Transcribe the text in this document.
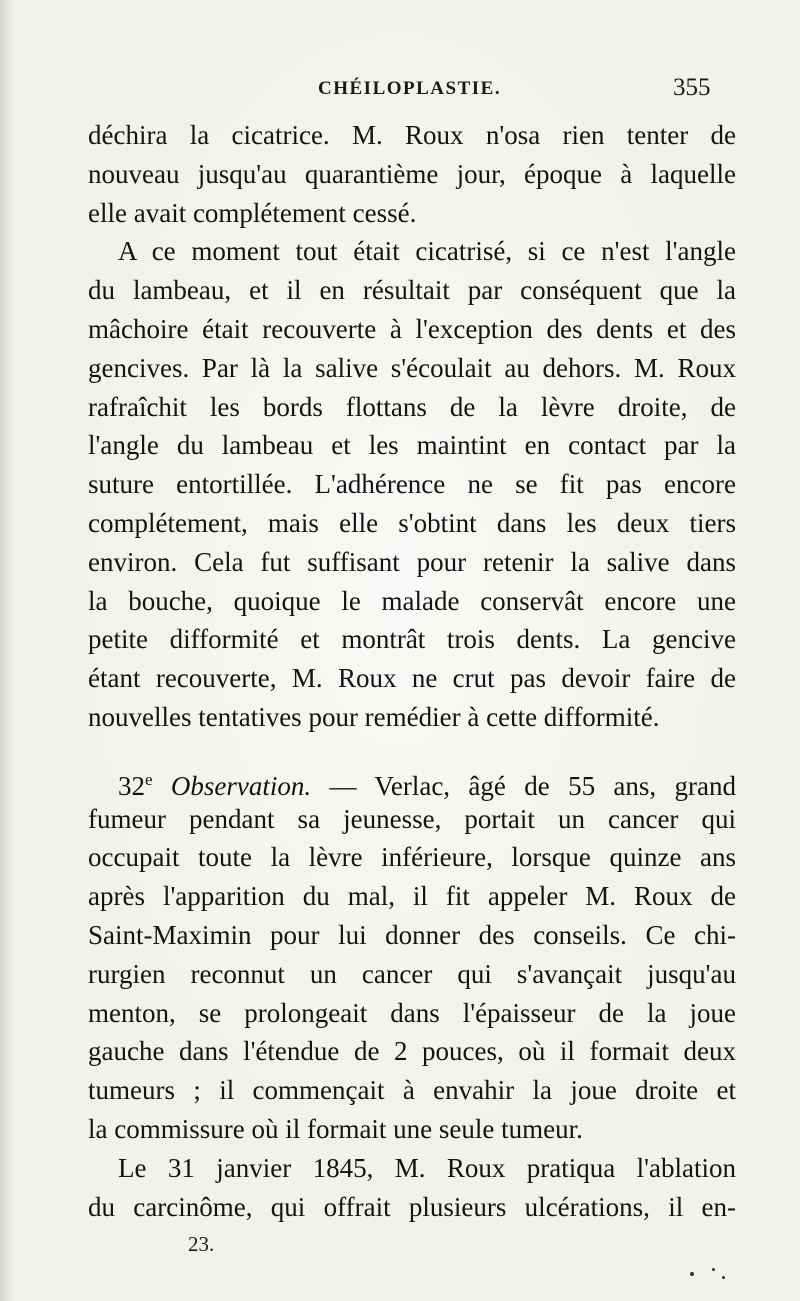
CHÉILOPLASTIE.	355
déchira la cicatrice. M. Roux n'osa rien tenter de
nouveau jusqu'au quarantième jour, époque à laquelle
elle avait complétement cessé.
A ce moment tout était cicatrisé, si ce n'est l'angle
du lambeau, et il en résultait par conséquent que la
mâchoire était recouverte à l'exception des dents et des
gencives. Par là la salive s'écoulait au dehors. M. Roux
rafraîchit les bords flottans de la lèvre droite, de
l'angle du lambeau et les maintint en contact par la
suture entortillée. L'adhérence ne se fit pas encore
complétement, mais elle s'obtint dans les deux tiers
environ. Cela fut suffisant pour retenir la salive dans
la bouche, quoique le malade conservât encore une
petite difformité et montrât trois dents. La gencive
étant recouverte, M. Roux ne crut pas devoir faire de
nouvelles tentatives pour remédier à cette difformité.
32e Observation. — Verlac, âgé de 55 ans, grand
fumeur pendant sa jeunesse, portait un cancer qui
occupait toute la lèvre inférieure, lorsque quinze ans
après l'apparition du mal, il fit appeler M. Roux de
Saint-Maximin pour lui donner des conseils. Ce chi-
rurgien reconnut un cancer qui s'avançait jusqu'au
menton, se prolongeait dans l'épaisseur de la joue
gauche dans l'étendue de 2 pouces, où il formait deux
tumeurs ; il commençait à envahir la joue droite et
la commissure où il formait une seule tumeur.
Le 31 janvier 1845, M. Roux pratiqua l'ablation
du carcinôme, qui offrait plusieurs ulcérations, il en-
23.
